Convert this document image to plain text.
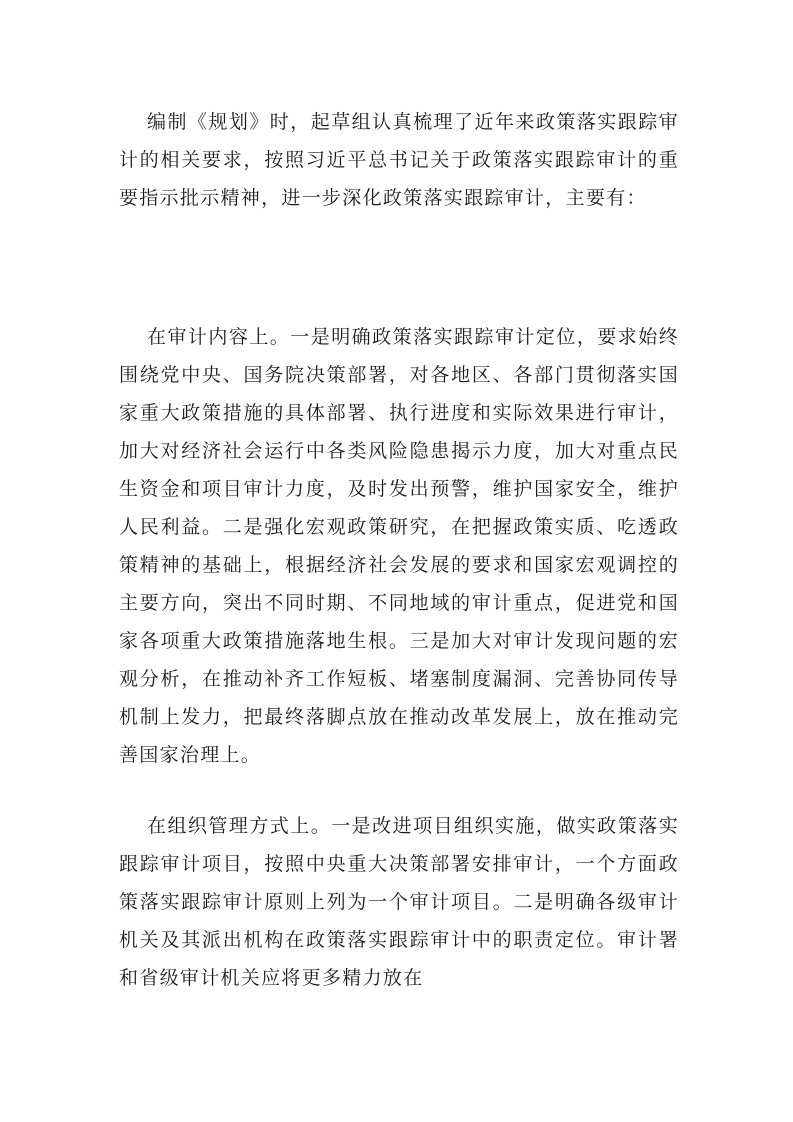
编制《规划》时，起草组认真梳理了近年来政策落实跟踪审计的相关要求，按照习近平总书记关于政策落实跟踪审计的重要指示批示精神，进一步深化政策落实跟踪审计，主要有：

在审计内容上。一是明确政策落实跟踪审计定位，要求始终围绕党中央、国务院决策部署，对各地区、各部门贯彻落实国家重大政策措施的具体部署、执行进度和实际效果进行审计，加大对经济社会运行中各类风险隐患揭示力度，加大对重点民生资金和项目审计力度，及时发出预警，维护国家安全，维护人民利益。二是强化宏观政策研究，在把握政策实质、吃透政策精神的基础上，根据经济社会发展的要求和国家宏观调控的主要方向，突出不同时期、不同地域的审计重点，促进党和国家各项重大政策措施落地生根。三是加大对审计发现问题的宏观分析，在推动补齐工作短板、堵塞制度漏洞、完善协同传导机制上发力，把最终落脚点放在推动改革发展上，放在推动完善国家治理上。

在组织管理方式上。一是改进项目组织实施，做实政策落实跟踪审计项目，按照中央重大决策部署安排审计，一个方面政策落实跟踪审计原则上列为一个审计项目。二是明确各级审计机关及其派出机构在政策落实跟踪审计中的职责定位。审计署和省级审计机关应将更多精力放在
